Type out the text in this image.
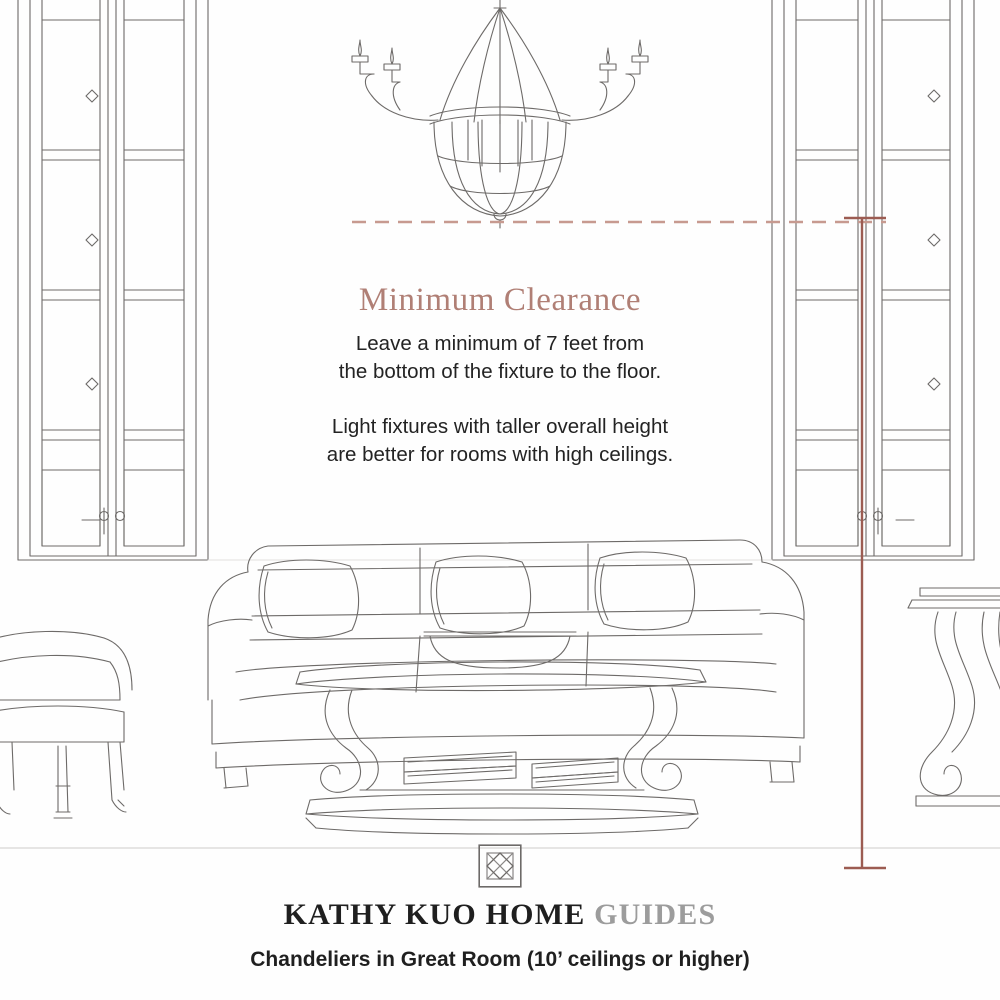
Minimum Clearance
Leave a minimum of 7 feet from
the bottom of the fixture to the floor.
Light fixtures with taller overall height
are better for rooms with high ceilings.
KATHY KUO HOME GUIDES
Chandeliers in Great Room (10’ ceilings or higher)
